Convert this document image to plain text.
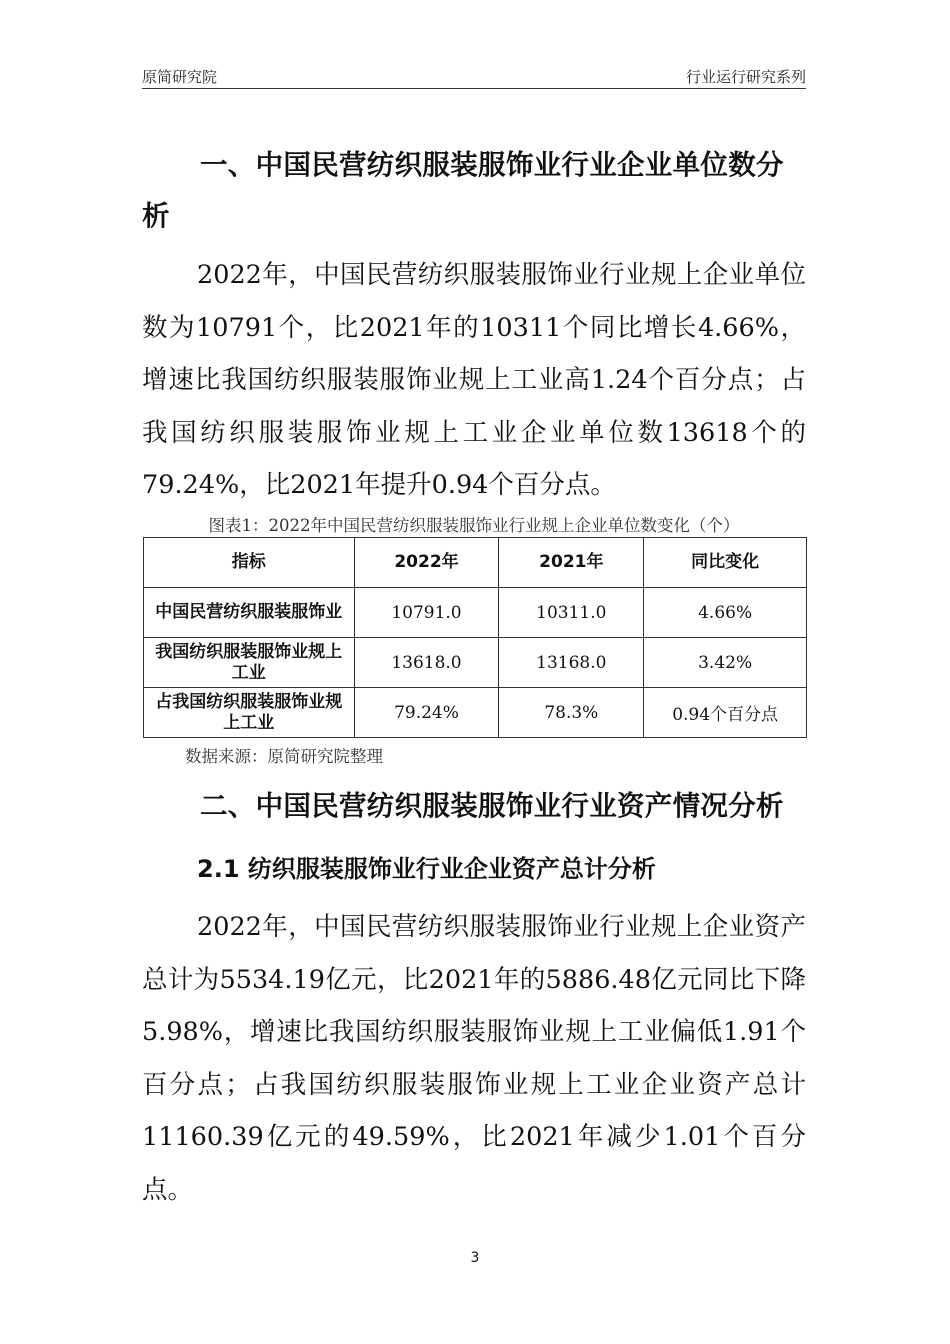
原简研究院	行业运行研究系列
一、中国民营纺织服装服饰业行业企业单位数分析
2022年，中国民营纺织服装服饰业行业规上企业单位数为10791个，比2021年的10311个同比增长4.66%，增速比我国纺织服装服饰业规上工业高1.24个百分点；占我国纺织服装服饰业规上工业企业单位数13618个的79.24%，比2021年提升0.94个百分点。
图表1：2022年中国民营纺织服装服饰业行业规上企业单位数变化（个）
指标	2022年	2021年	同比变化
中国民营纺织服装服饰业	10791.0	10311.0	4.66%
我国纺织服装服饰业规上工业	13618.0	13168.0	3.42%
占我国纺织服装服饰业规上工业	79.24%	78.3%	0.94个百分点
数据来源：原简研究院整理
二、中国民营纺织服装服饰业行业资产情况分析
2.1 纺织服装服饰业行业企业资产总计分析
2022年，中国民营纺织服装服饰业行业规上企业资产总计为5534.19亿元，比2021年的5886.48亿元同比下降5.98%，增速比我国纺织服装服饰业规上工业偏低1.91个百分点；占我国纺织服装服饰业规上工业企业资产总计11160.39亿元的49.59%，比2021年减少1.01个百分点。
3
